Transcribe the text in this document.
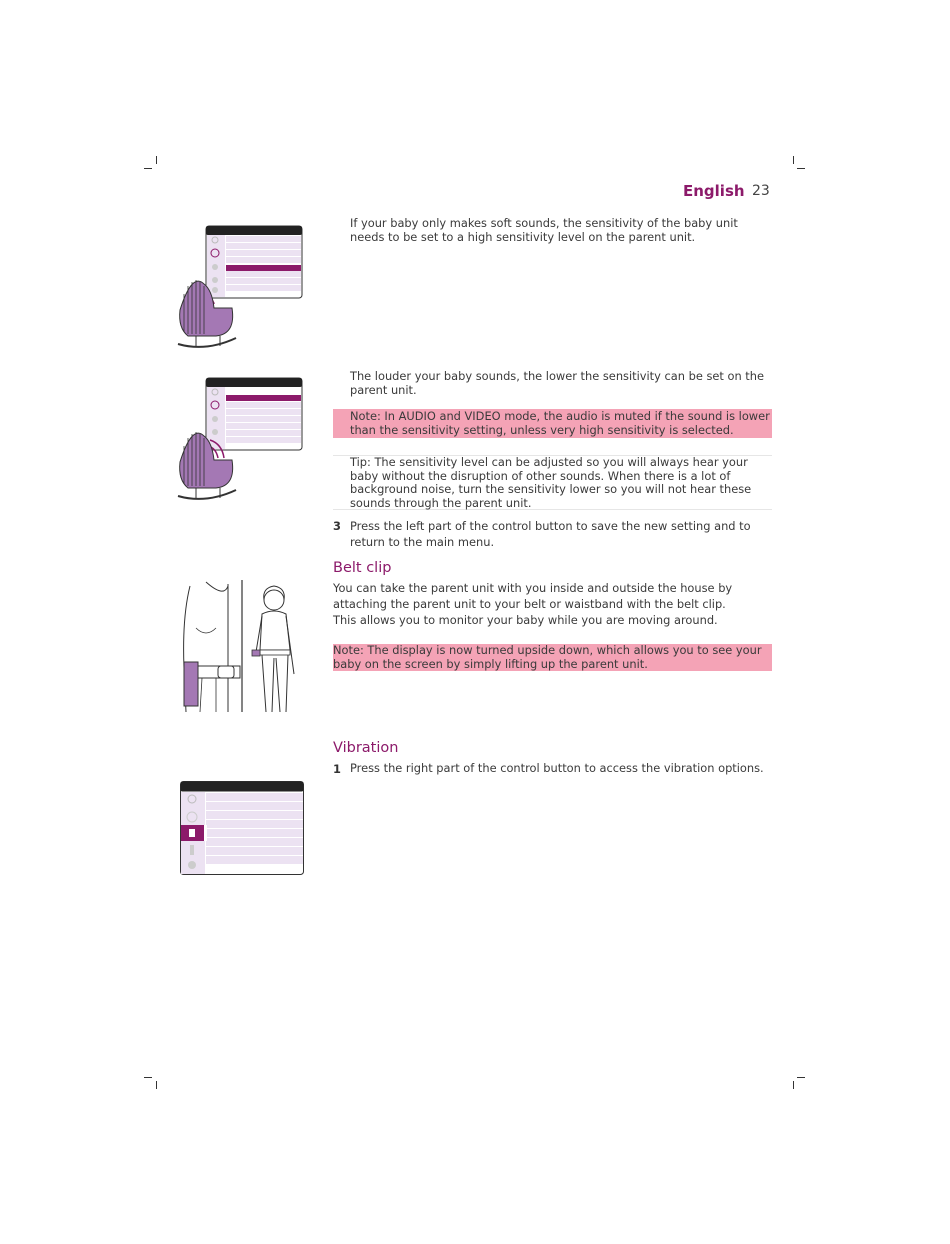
English 23
If your baby only makes soft sounds, the sensitivity of the baby unit needs to be set to a high sensitivity level on the parent unit.
The louder your baby sounds, the lower the sensitivity can be set on the parent unit.
Note: In AUDIO and VIDEO mode, the audio is muted if the sound is lower than the sensitivity setting, unless very high sensitivity is selected.
Tip: The sensitivity level can be adjusted so you will always hear your baby without the disruption of other sounds. When there is a lot of background noise, turn the sensitivity lower so you will not hear these sounds through the parent unit.
3 Press the left part of the control button to save the new setting and to return to the main menu.
Belt clip
You can take the parent unit with you inside and outside the house by attaching the parent unit to your belt or waistband with the belt clip. This allows you to monitor your baby while you are moving around.
Note: The display is now turned upside down, which allows you to see your baby on the screen by simply lifting up the parent unit.
Vibration
1 Press the right part of the control button to access the vibration options.
